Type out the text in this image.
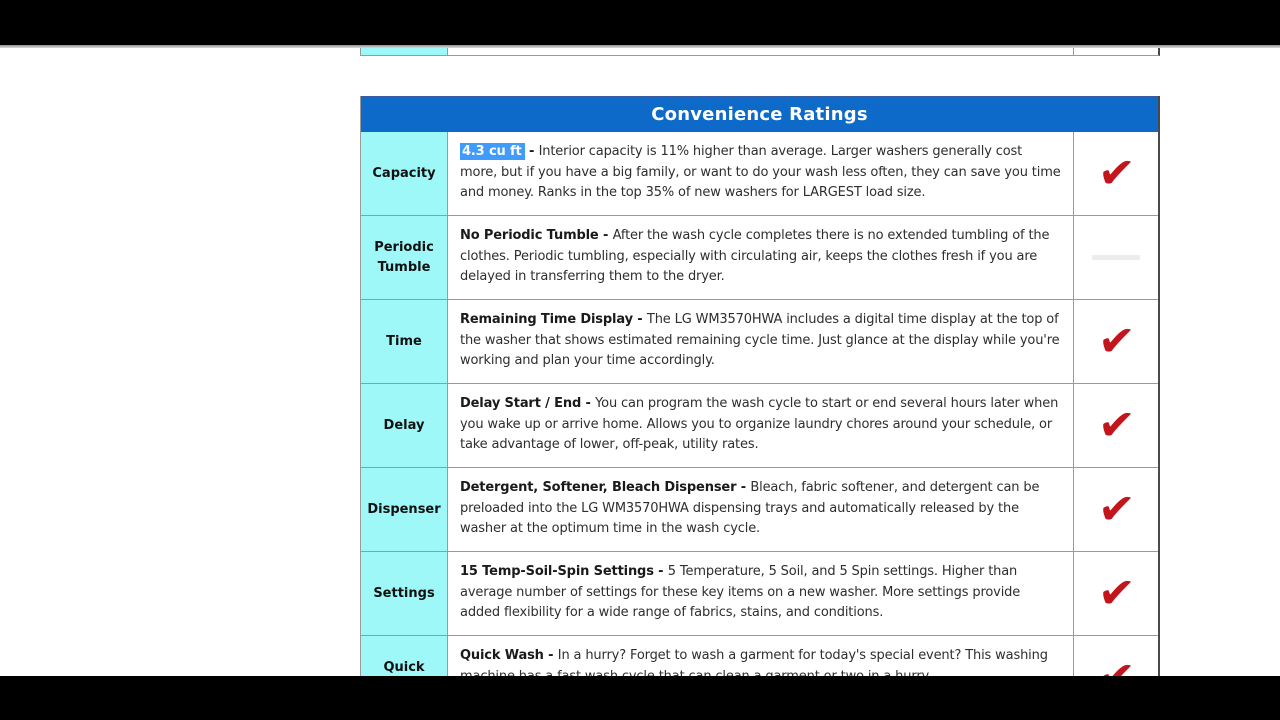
Convenience Ratings
Capacity
4.3 cu ft - Interior capacity is 11% higher than average. Larger washers generally cost more, but if you have a big family, or want to do your wash less often, they can save you time and money. Ranks in the top 35% of new washers for LARGEST load size.	✔
Periodic Tumble
No Periodic Tumble - After the wash cycle completes there is no extended tumbling of the clothes. Periodic tumbling, especially with circulating air, keeps the clothes fresh if you are delayed in transferring them to the dryer.
Time
Remaining Time Display - The LG WM3570HWA includes a digital time display at the top of the washer that shows estimated remaining cycle time. Just glance at the display while you're working and plan your time accordingly.	✔
Delay
Delay Start / End - You can program the wash cycle to start or end several hours later when you wake up or arrive home. Allows you to organize laundry chores around your schedule, or take advantage of lower, off-peak, utility rates.	✔
Dispenser
Detergent, Softener, Bleach Dispenser - Bleach, fabric softener, and detergent can be preloaded into the LG WM3570HWA dispensing trays and automatically released by the washer at the optimum time in the wash cycle.	✔
Settings
15 Temp-Soil-Spin Settings - 5 Temperature, 5 Soil, and 5 Spin settings. Higher than average number of settings for these key items on a new washer. More settings provide added flexibility for a wide range of fabrics, stains, and conditions.	✔
Quick
Quick Wash - In a hurry? Forget to wash a garment for today's special event? This washing
